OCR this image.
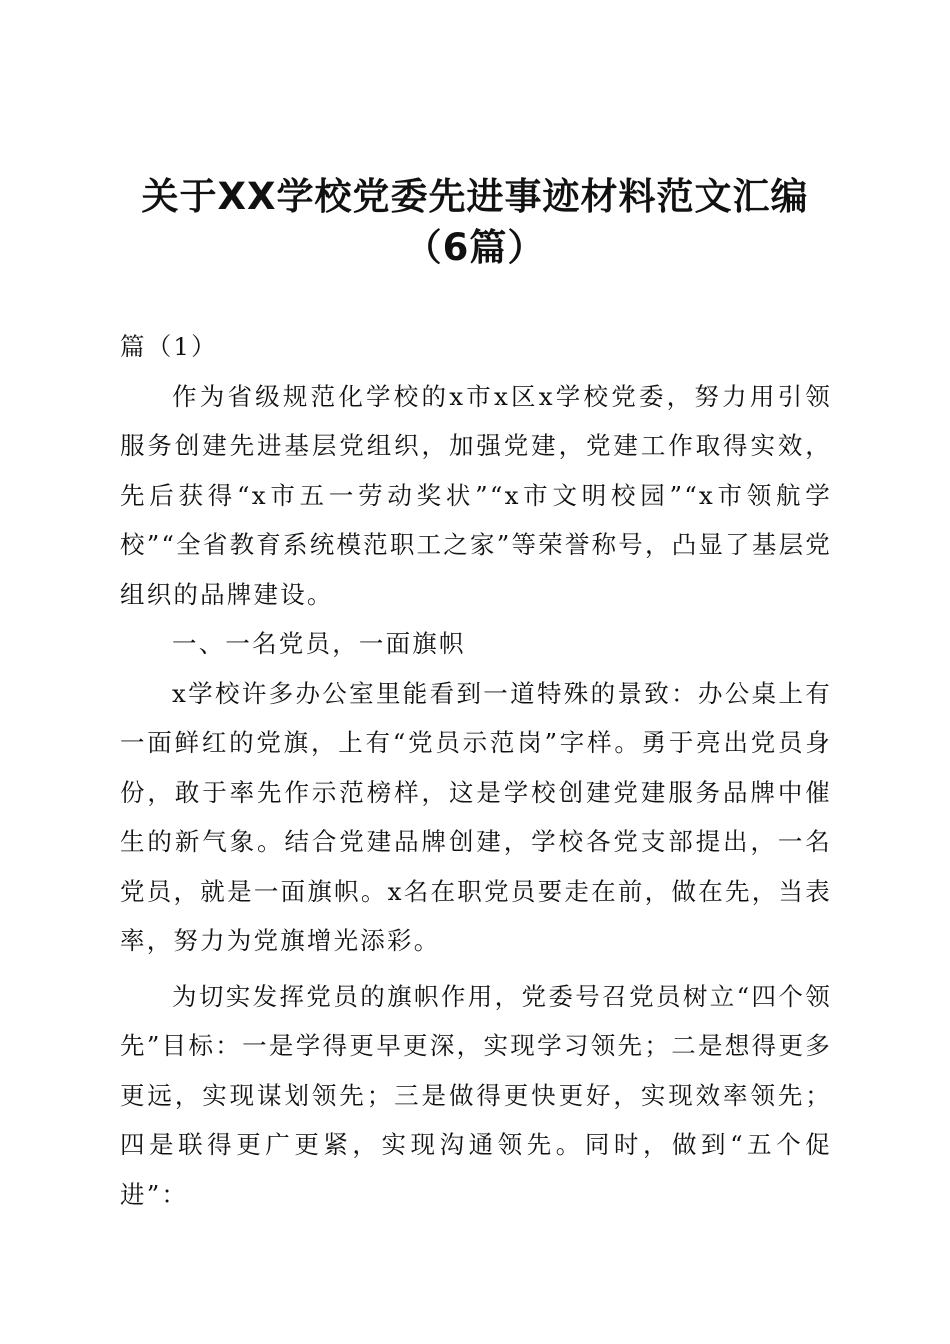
关于XX学校党委先进事迹材料范文汇编
（6篇）

篇（1）

作为省级规范化学校的x市x区x学校党委，努力用引领服务创建先进基层党组织，加强党建，党建工作取得实效，先后获得“x市五一劳动奖状”“x市文明校园”“x市领航学校”“全省教育系统模范职工之家”等荣誉称号，凸显了基层党组织的品牌建设。

一、一名党员，一面旗帜

x学校许多办公室里能看到一道特殊的景致：办公桌上有一面鲜红的党旗，上有“党员示范岗”字样。勇于亮出党员身份，敢于率先作示范榜样，这是学校创建党建服务品牌中催生的新气象。结合党建品牌创建，学校各党支部提出，一名党员，就是一面旗帜。x名在职党员要走在前，做在先，当表率，努力为党旗增光添彩。

为切实发挥党员的旗帜作用，党委号召党员树立“四个领先”目标：一是学得更早更深，实现学习领先；二是想得更多更远，实现谋划领先；三是做得更快更好，实现效率领先；四是联得更广更紧，实现沟通领先。同时，做到“五个促进”：
